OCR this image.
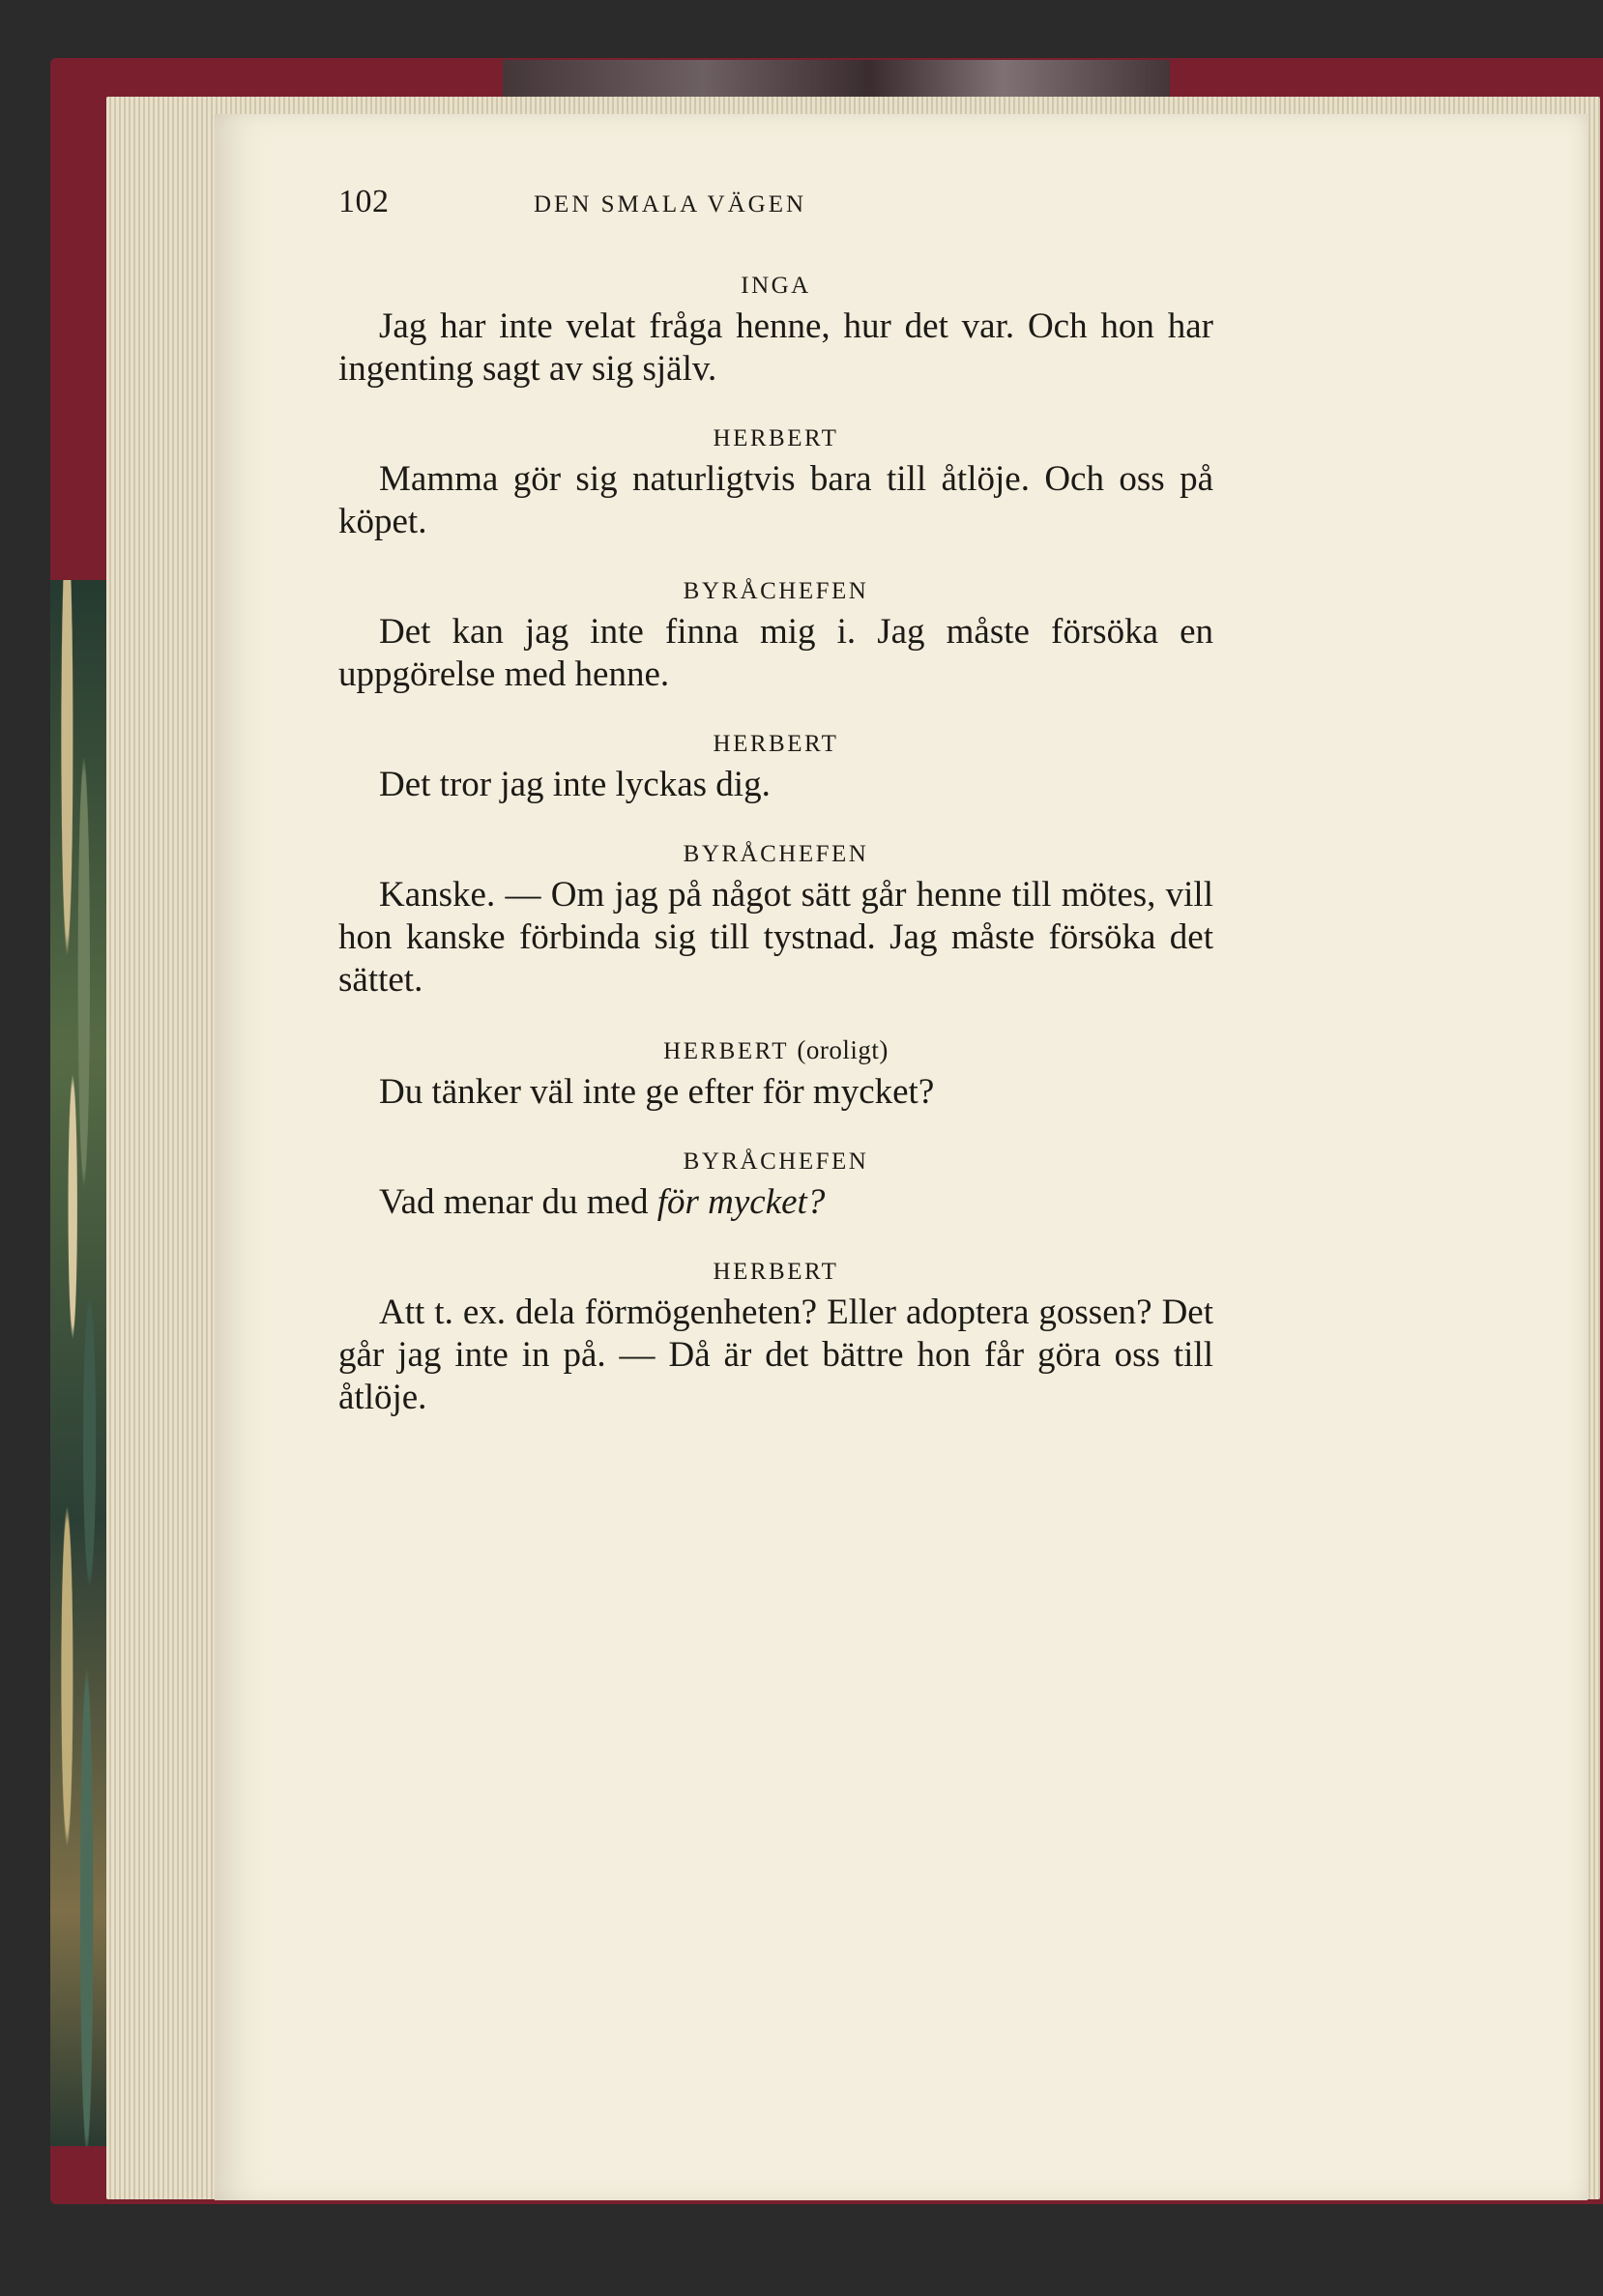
102	DEN SMALA VÄGEN

INGA

Jag har inte velat fråga henne, hur det var. Och hon har ingenting sagt av sig själv.

HERBERT

Mamma gör sig naturligtvis bara till åtlöje. Och oss på köpet.

BYRÅCHEFEN

Det kan jag inte finna mig i. Jag måste försöka en uppgörelse med henne.

HERBERT

Det tror jag inte lyckas dig.

BYRÅCHEFEN

Kanske. — Om jag på något sätt går henne till mötes, vill hon kanske förbinda sig till tystnad. Jag måste försöka det sättet.

HERBERT (oroligt)

Du tänker väl inte ge efter för mycket?

BYRÅCHEFEN

Vad menar du med för mycket?

HERBERT

Att t. ex. dela förmögenheten? Eller adoptera gossen? Det går jag inte in på. — Då är det bättre hon får göra oss till åtlöje.
